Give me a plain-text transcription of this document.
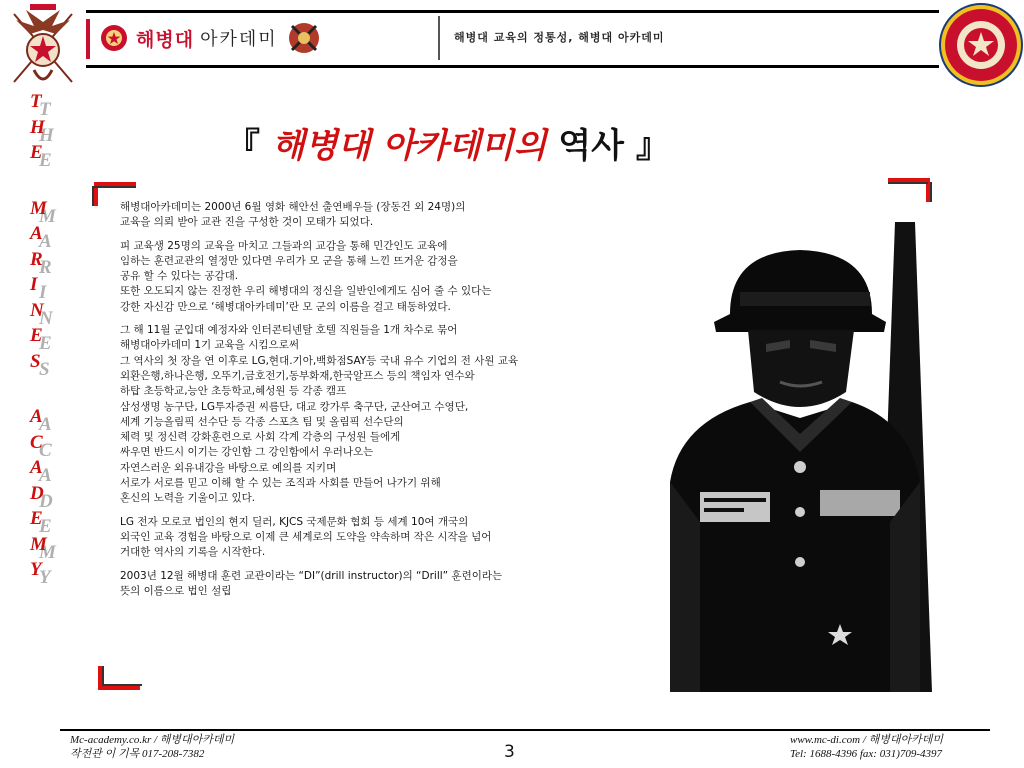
해병대 아카데미	해병대 교육의 정통성, 해병대 아카데미
T
T
H
H
E
E
M
M
A
A
R
R
I
I
N
N
E
E
S
S
A
A
C
C
A
A
D
D
E
E
M
M
Y
Y
『 해병대 아카데미의 역사 』

해병대아카데미는 2000년 6월 영화 해안선 출연배우들 (장동건 외 24명)의
교육을 의뢰 받아 교관 진을 구성한 것이 모태가 되었다.

피 교육생 25명의 교육을 마치고 그들과의 교감을 통해 민간인도 교육에
임하는 훈련교관의 열정만 있다면 우리가 모 군을 통해 느낀 뜨거운 감정을
공유 할 수 있다는 공감대.
또한 오도되지 않는 진정한 우리 해병대의 정신을 일반인에게도 심어 줄 수 있다는
강한 자신감 만으로 ‘해병대아카데미’란 모 군의 이름을 걸고 태동하였다.

그 해 11월 군입대 예정자와 인터콘티넨탈 호텔 직원들을 1개 차수로 묶어
해병대아카데미 1기 교육을 시킴으로써
그 역사의 첫 장을 연 이후로 LG,현대.기아,백화점SAY등 국내 유수 기업의 전 사원 교육
외환은행,하나은행, 오뚜기,금호전기,동부화재,한국알프스 등의 책임자 연수와
하탑 초등학교,능안 초등학교,혜성원 등 각종 캠프
삼성생명 농구단, LG투자증권 씨름단, 대교 캉가루 축구단, 군산여고 수영단,
세계 기능올림픽 선수단 등 각종 스포츠 팀 및 올림픽 선수단의
체력 및 정신력 강화훈련으로 사회 각계 각층의 구성원 들에게
싸우면 반드시 이기는 강인함 그 강인함에서 우러나오는
자연스러운 외유내강을 바탕으로 예의를 지키며
서로가 서로를 믿고 이해 할 수 있는 조직과 사회를 만들어 나가기 위해
혼신의 노력을 기울이고 있다.

LG 전자 모로코 법인의 현지 딜러, KJCS 국제문화 협회 등 세계 10여 개국의
외국인 교육 경험을 바탕으로 이제 큰 세계로의 도약을 약속하며 작은 시작을 넘어
거대한 역사의 기록을 시작한다.

2003년 12월 해병대 훈련 교관이라는 “DI”(drill instructor)의 “Drill” 훈련이라는
뜻의 이름으로 법인 설립

Mc-academy.co.kr / 해병대아카데미
작전관 이 기목 017-208-7382	3
www.mc-di.com / 해병대아카데미
Tel: 1688-4396 fax: 031)709-4397
